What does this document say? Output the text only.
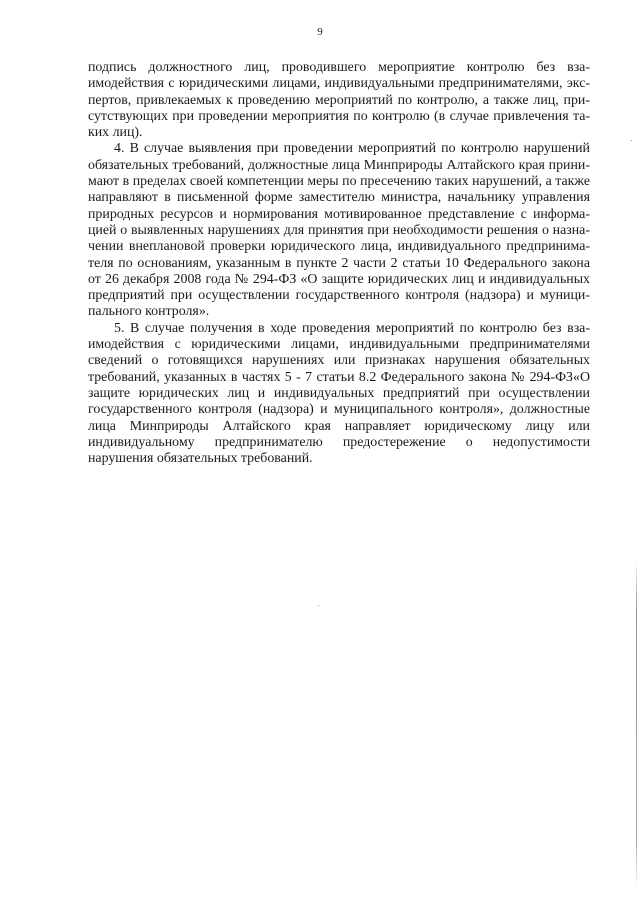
9

подпись должностного лиц, проводившего мероприятие контролю без взаимодействия с юридическими лицами, индивидуальными предпринимателями, экспертов, привлекаемых к проведению мероприятий по контролю, а также лиц, присутствующих при проведении мероприятия по контролю (в случае привлечения таких лиц).

4. В случае выявления при проведении мероприятий по контролю нарушений обязательных требований, должностные лица Минприроды Алтайского края принимают в пределах своей компетенции меры по пресечению таких нарушений, а также направляют в письменной форме заместителю министра, начальнику управления природных ресурсов и нормирования мотивированное представление с информацией о выявленных нарушениях для принятия при необходимости решения о назначении внеплановой проверки юридического лица, индивидуального предпринимателя по основаниям, указанным в пункте 2 части 2 статьи 10 Федерального закона от 26 декабря 2008 года № 294-ФЗ «О защите юридических лиц и индивидуальных предприятий при осуществлении государственного контроля (надзора) и муниципального контроля».

5. В случае получения в ходе проведения мероприятий по контролю без взаимодействия с юридическими лицами, индивидуальными предпринимателями сведений о готовящихся нарушениях или признаках нарушения обязательных требований, указанных в частях 5 - 7 статьи 8.2 Федерального закона № 294-ФЗ«О защите юридических лиц и индивидуальных предприятий при осуществлении государственного контроля (надзора) и муниципального контроля», должностные лица Минприроды Алтайского края направляет юридическому лицу или индивидуальному предпринимателю предостережение о недопустимости нарушения обязательных требований.
